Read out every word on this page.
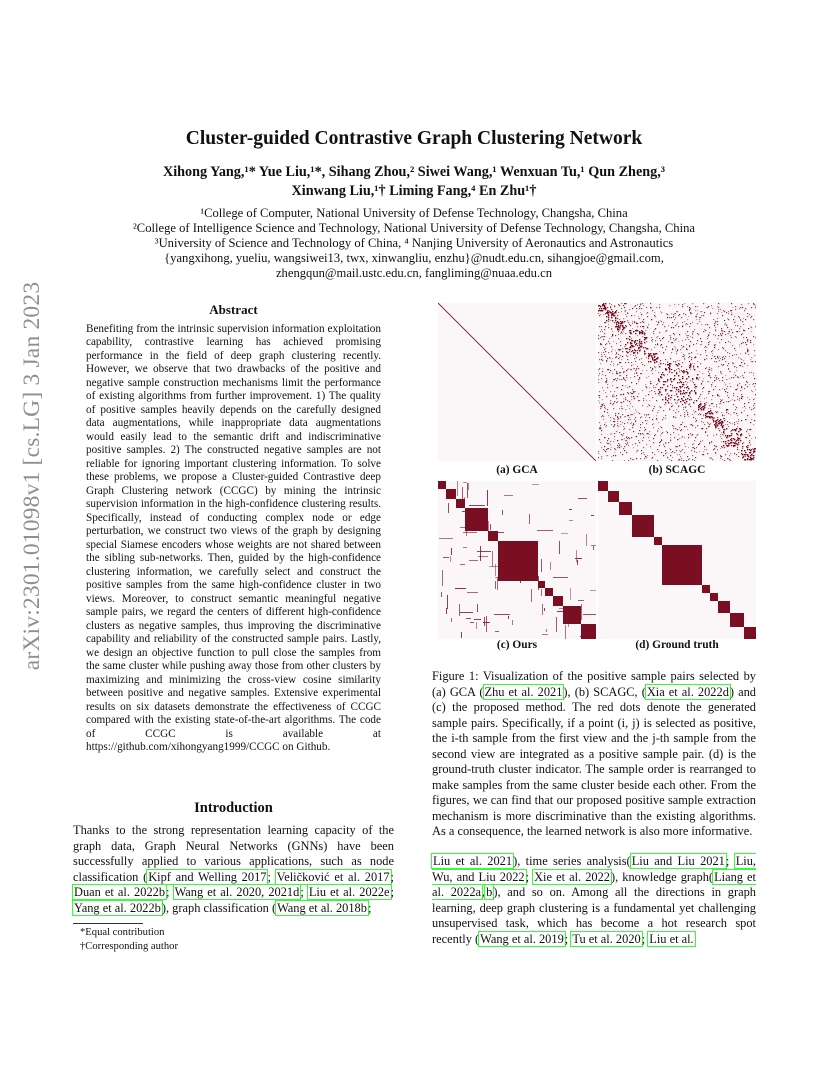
arXiv:2301.01098v1 [cs.LG] 3 Jan 2023
Cluster-guided Contrastive Graph Clustering Network
Xihong Yang,¹* Yue Liu,¹*, Sihang Zhou,² Siwei Wang,¹ Wenxuan Tu,¹ Qun Zheng,³
Xinwang Liu,¹† Liming Fang,⁴ En Zhu¹†
¹College of Computer, National University of Defense Technology, Changsha, China
²College of Intelligence Science and Technology, National University of Defense Technology, Changsha, China
³University of Science and Technology of China, ⁴ Nanjing University of Aeronautics and Astronautics
{yangxihong, yueliu, wangsiwei13, twx, xinwangliu, enzhu}@nudt.edu.cn, sihangjoe@gmail.com,
zhengqun@mail.ustc.edu.cn, fangliming@nuaa.edu.cn
Abstract
Benefiting from the intrinsic supervision information exploitation capability, contrastive learning has achieved promising performance in the field of deep graph clustering recently. However, we observe that two drawbacks of the positive and negative sample construction mechanisms limit the performance of existing algorithms from further improvement. 1) The quality of positive samples heavily depends on the carefully designed data augmentations, while inappropriate data augmentations would easily lead to the semantic drift and indiscriminative positive samples. 2) The constructed negative samples are not reliable for ignoring important clustering information. To solve these problems, we propose a Cluster-guided Contrastive deep Graph Clustering network (CCGC) by mining the intrinsic supervision information in the high-confidence clustering results. Specifically, instead of conducting complex node or edge perturbation, we construct two views of the graph by designing special Siamese encoders whose weights are not shared between the sibling sub-networks. Then, guided by the high-confidence clustering information, we carefully select and construct the positive samples from the same high-confidence cluster in two views. Moreover, to construct semantic meaningful negative sample pairs, we regard the centers of different high-confidence clusters as negative samples, thus improving the discriminative capability and reliability of the constructed sample pairs. Lastly, we design an objective function to pull close the samples from the same cluster while pushing away those from other clusters by maximizing and minimizing the cross-view cosine similarity between positive and negative samples. Extensive experimental results on six datasets demonstrate the effectiveness of CCGC compared with the existing state-of-the-art algorithms. The code of CCGC is available at https://github.com/xihongyang1999/CCGC on Github.
Introduction
Thanks to the strong representation learning capacity of the graph data, Graph Neural Networks (GNNs) have been successfully applied to various applications, such as node classification (Kipf and Welling 2017; Veličković et al. 2017; Duan et al. 2022b; Wang et al. 2020, 2021d; Liu et al. 2022e; Yang et al. 2022b), graph classification (Wang et al. 2018b;
*Equal contribution
†Corresponding author
(a) GCA	(b) SCAGC
(c) Ours	(d) Ground truth
Figure 1: Visualization of the positive sample pairs selected by (a) GCA (Zhu et al. 2021), (b) SCAGC, (Xia et al. 2022d) and (c) the proposed method. The red dots denote the generated sample pairs. Specifically, if a point (i, j) is selected as positive, the i-th sample from the first view and the j-th sample from the second view are integrated as a positive sample pair. (d) is the ground-truth cluster indicator. The sample order is rearranged to make samples from the same cluster beside each other. From the figures, we can find that our proposed positive sample extraction mechanism is more discriminative than the existing algorithms. As a consequence, the learned network is also more informative.
Liu et al. 2021), time series analysis(Liu and Liu 2021; Liu, Wu, and Liu 2022; Xie et al. 2022), knowledge graph(Liang et al. 2022a,b), and so on. Among all the directions in graph learning, deep graph clustering is a fundamental yet challenging unsupervised task, which has become a hot research spot recently (Wang et al. 2019; Tu et al. 2020; Liu et al.
